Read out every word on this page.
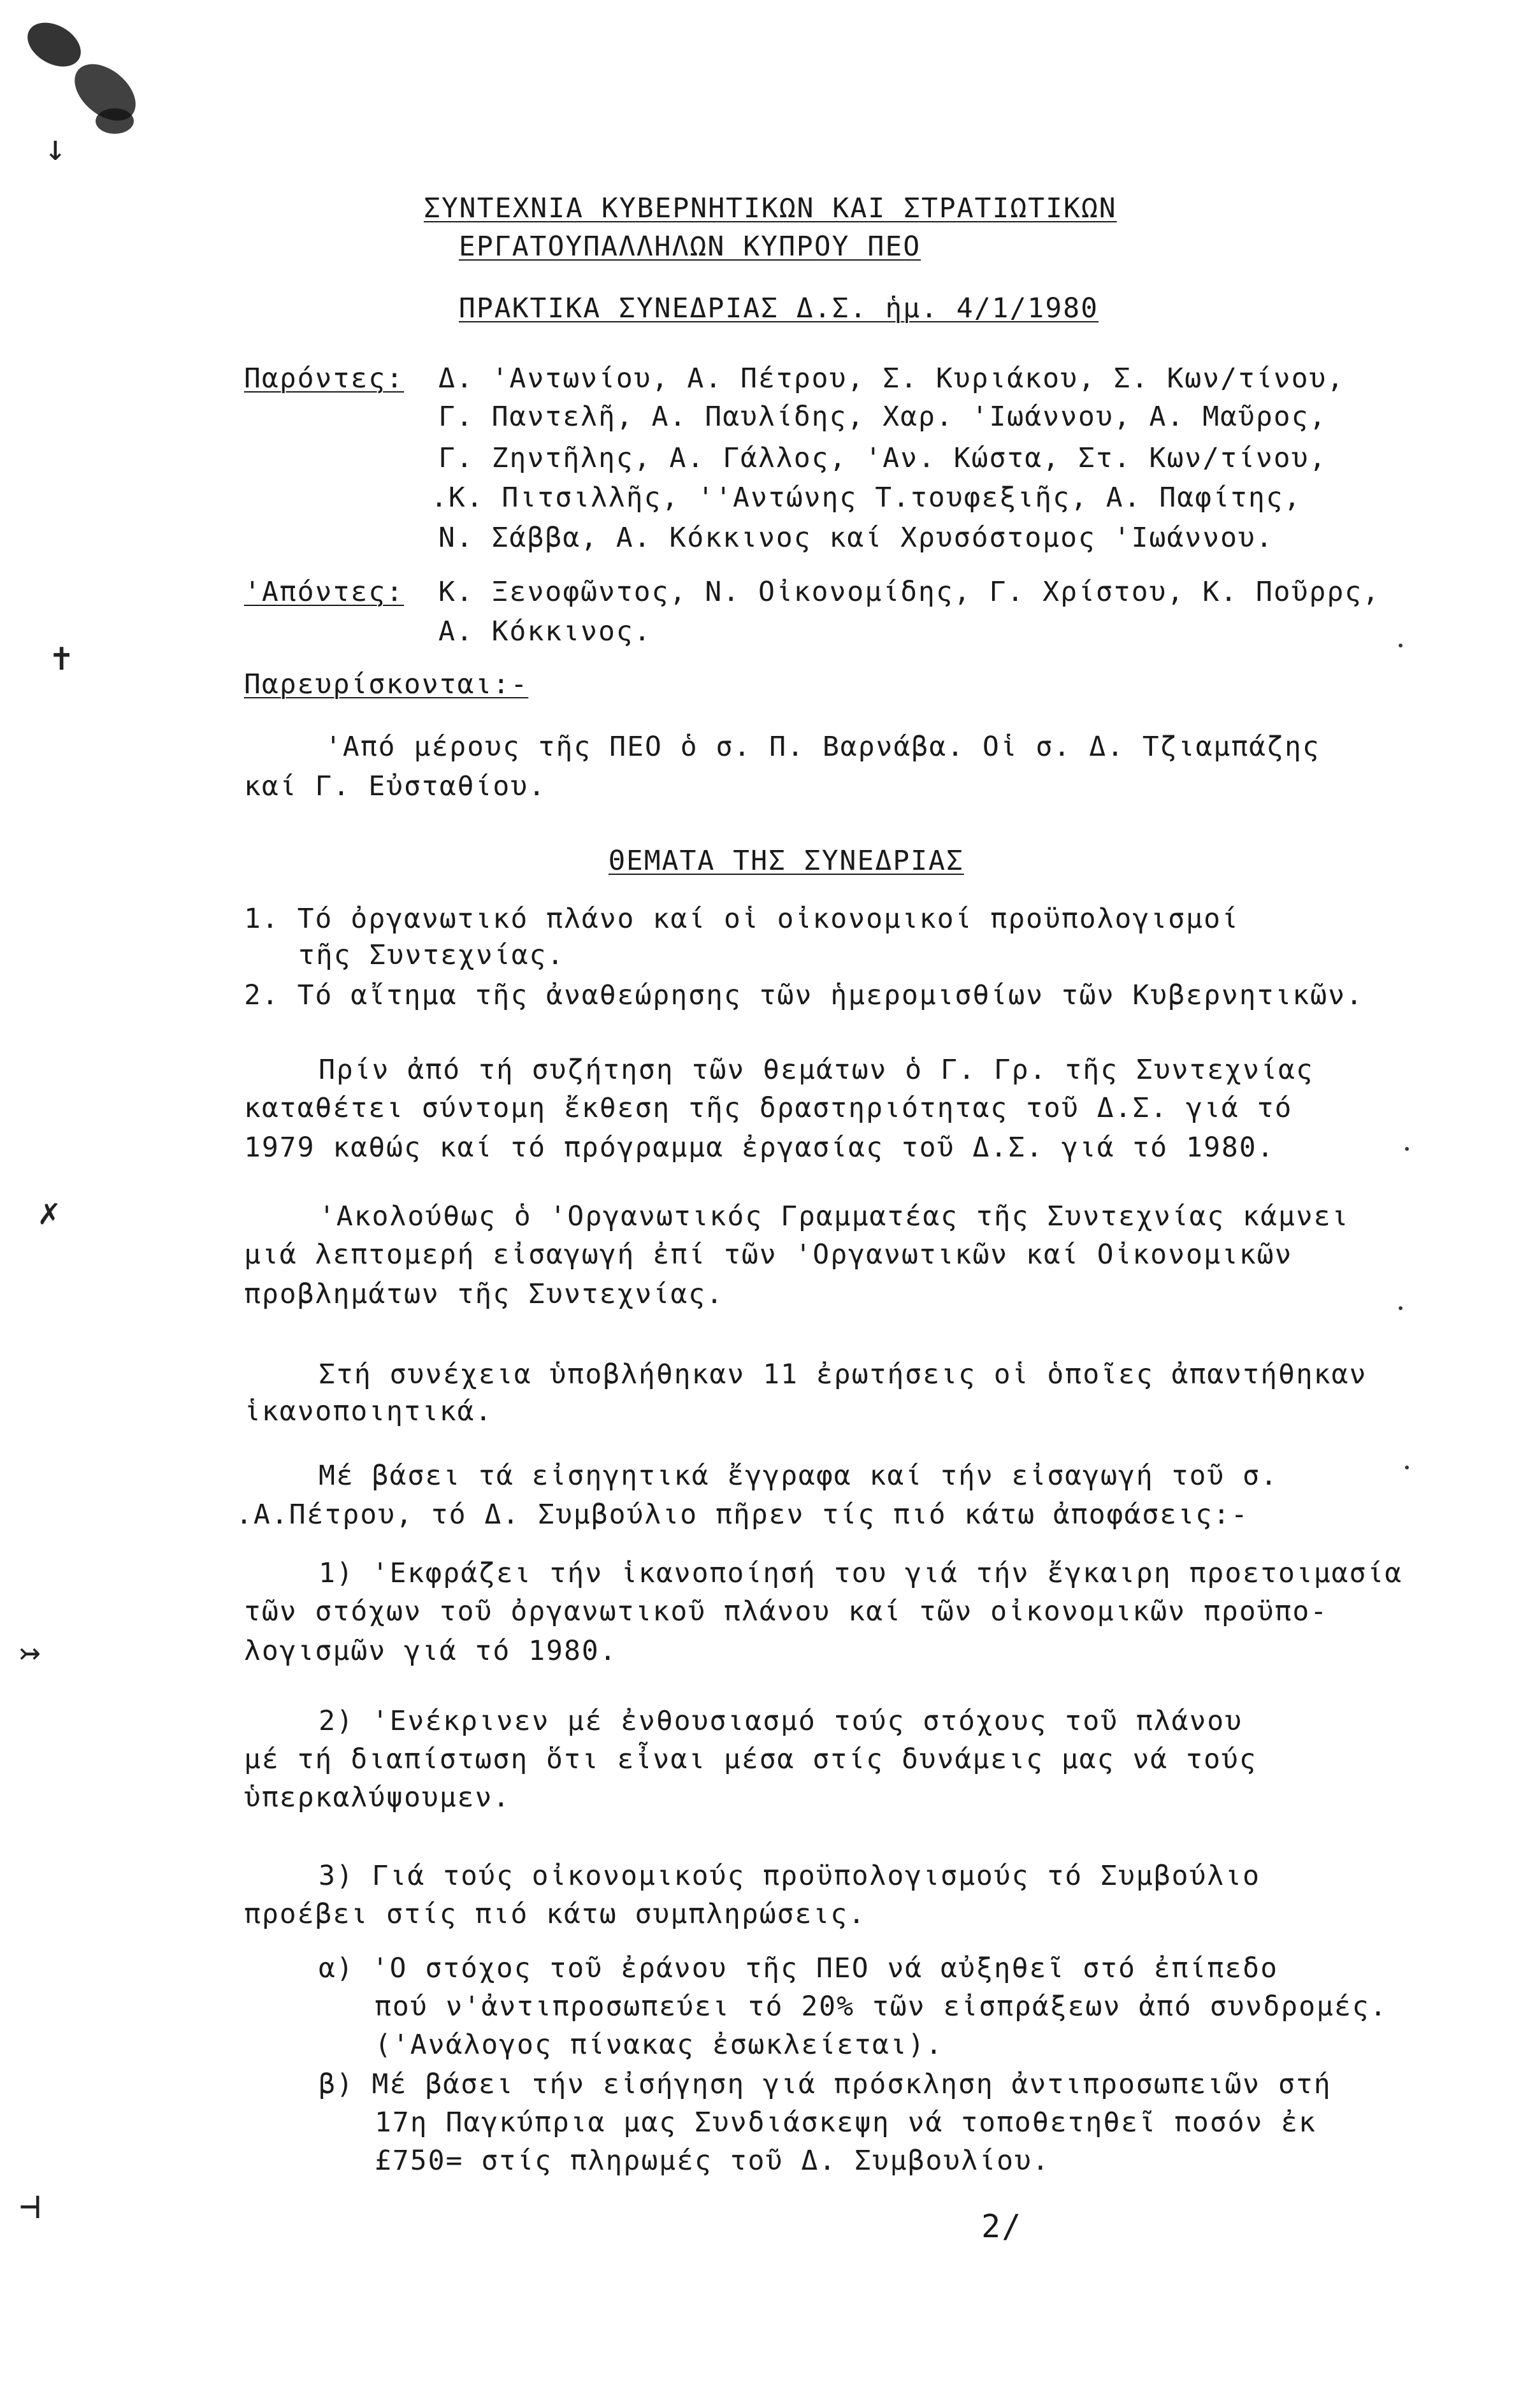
↓
✝
✗
↣
⊣
ΣΥΝΤΕΧΝΙΑ ΚΥΒΕΡΝΗΤΙΚΩΝ ΚΑΙ ΣΤΡΑΤΙΩΤΙΚΩΝ
ΕΡΓΑΤΟΥΠΑΛΛΗΛΩΝ ΚΥΠΡΟΥ ΠΕΟ
ΠΡΑΚΤΙΚΑ ΣΥΝΕΔΡΙΑΣ Δ.Σ. ἡμ. 4/1/1980
Παρόντες: Δ. 'Αντωνίου, Α. Πέτρου, Σ. Κυριάκου, Σ. Κων/τίνου,
Γ. Παντελῆ, Α. Παυλίδης, Χαρ. 'Ιωάννου, Α. Μαῦρος,
Γ. Ζηντῆλης, Α. Γάλλος, 'Αν. Κώστα, Στ. Κων/τίνου,
.Κ. Πιτσιλλῆς, ''Αντώνης Τ.τουφεξιῆς, Α. Παφίτης,
Ν. Σάββα, Α. Κόκκινος καί Χρυσόστομος 'Ιωάννου.
'Απόντες: Κ. Ξενοφῶντος, Ν. Οἰκονομίδης, Γ. Χρίστου, Κ. Ποῦρρς,
Α. Κόκκινος.
Παρευρίσκονται:-
'Από μέρους τῆς ΠΕΟ ὁ σ. Π. Βαρνάβα. Οἱ σ. Δ. Τζιαμπάζης
καί Γ. Εὐσταθίου.
ΘΕΜΑΤΑ ΤΗΣ ΣΥΝΕΔΡΙΑΣ
1. Τό ὀργανωτικό πλάνο καί οἱ οἰκονομικοί προϋπολογισμοί
τῆς Συντεχνίας.
2. Τό αἴτημα τῆς ἀναθεώρησης τῶν ἡμερομισθίων τῶν Κυβερνητικῶν.
Πρίν ἀπό τή συζήτηση τῶν θεμάτων ὁ Γ. Γρ. τῆς Συντεχνίας
καταθέτει σύντομη ἔκθεση τῆς δραστηριότητας τοῦ Δ.Σ. γιά τό
1979 καθώς καί τό πρόγραμμα ἐργασίας τοῦ Δ.Σ. γιά τό 1980.
'Ακολούθως ὁ 'Οργανωτικός Γραμματέας τῆς Συντεχνίας κάμνει
μιά λεπτομερή εἰσαγωγή ἐπί τῶν 'Οργανωτικῶν καί Οἰκονομικῶν
προβλημάτων τῆς Συντεχνίας.
Στή συνέχεια ὑποβλήθηκαν 11 ἐρωτήσεις οἱ ὁποῖες ἀπαντήθηκαν
ἱκανοποιητικά.
Μέ βάσει τά εἰσηγητικά ἔγγραφα καί τήν εἰσαγωγή τοῦ σ.
.Α.Πέτρου, τό Δ. Συμβούλιο πῆρεν τίς πιό κάτω ἀποφάσεις:-
1) 'Εκφράζει τήν ἱκανοποίησή του γιά τήν ἔγκαιρη προετοιμασία
τῶν στόχων τοῦ ὀργανωτικοῦ πλάνου καί τῶν οἰκονομικῶν προϋπο-
λογισμῶν γιά τό 1980.
2) 'Ενέκρινεν μέ ἐνθουσιασμό τούς στόχους τοῦ πλάνου
μέ τή διαπίστωση ὅτι εἶναι μέσα στίς δυνάμεις μας νά τούς
ὑπερκαλύψουμεν.
3) Γιά τούς οἰκονομικούς προϋπολογισμούς τό Συμβούλιο
προέβει στίς πιό κάτω συμπληρώσεις.
α) 'Ο στόχος τοῦ ἐράνου τῆς ΠΕΟ νά αὐξηθεῖ στό ἐπίπεδο
πού ν'ἀντιπροσωπεύει τό 20% τῶν εἰσπράξεων ἀπό συνδρομές.
('Ανάλογος πίνακας ἐσωκλείεται).
β) Μέ βάσει τήν εἰσήγηση γιά πρόσκληση ἀντιπροσωπειῶν στή
17η Παγκύπρια μας Συνδιάσκεψη νά τοποθετηθεῖ ποσόν ἐκ
£750= στίς πληρωμές τοῦ Δ. Συμβουλίου.
2/
